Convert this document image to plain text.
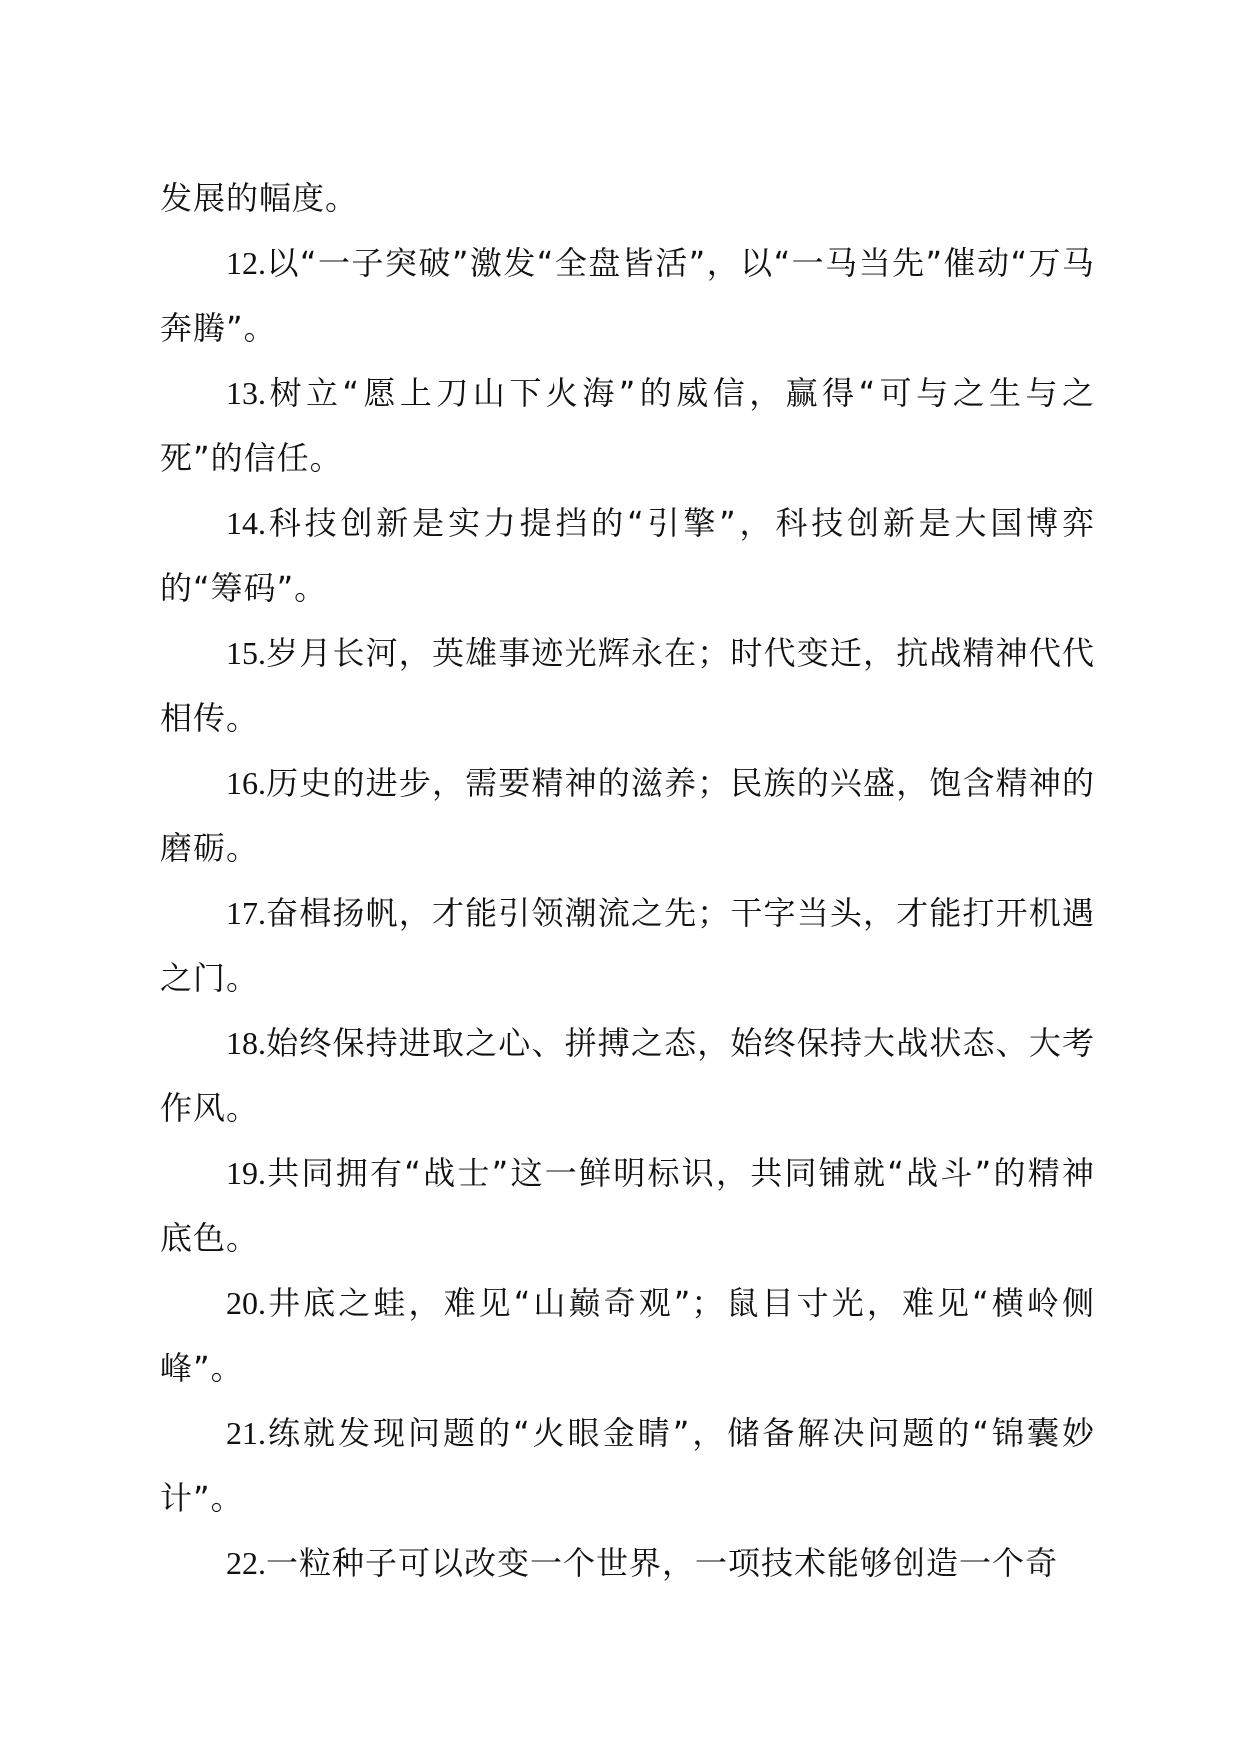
发展的幅度。

12.以“一子突破”激发“全盘皆活”，以“一马当先”催动“万马奔腾”。

13.树立“愿上刀山下火海”的威信，赢得“可与之生与之死”的信任。

14.科技创新是实力提挡的“引擎”，科技创新是大国博弈的“筹码”。

15.岁月长河，英雄事迹光辉永在；时代变迁，抗战精神代代相传。

16.历史的进步，需要精神的滋养；民族的兴盛，饱含精神的磨砺。

17.奋楫扬帆，才能引领潮流之先；干字当头，才能打开机遇之门。

18.始终保持进取之心、拼搏之态，始终保持大战状态、大考作风。

19.共同拥有“战士”这一鲜明标识，共同铺就“战斗”的精神底色。

20.井底之蛙，难见“山巅奇观”；鼠目寸光，难见“横岭侧峰”。

21.练就发现问题的“火眼金睛”，储备解决问题的“锦囊妙计”。

22.一粒种子可以改变一个世界，一项技术能够创造一个奇
